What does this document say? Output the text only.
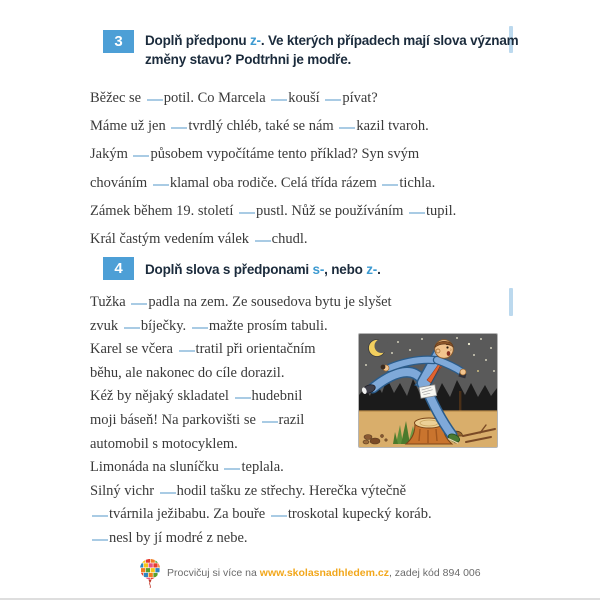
3	Doplň předponu z-. Ve kterých případech mají slova význam
změny stavu? Podtrhni je modře.
Běžec se potil. Co Marcela kouší pívat?
Máme už jen tvrdlý chléb, také se nám kazil tvaroh.
Jakým působem vypočítáme tento příklad? Syn svým
chováním klamal oba rodiče. Celá třída rázem tichla.
Zámek během 19. století pustl. Nůž se používáním tupil.
Král častým vedením válek chudl.
4	Doplň slova s předponami s-, nebo z-.
Tužka padla na zem. Ze sousedova bytu je slyšet
zvuk bíječky. mažte prosím tabuli.
Karel se včera tratil při orientačním
běhu, ale nakonec do cíle dorazil.
Kéž by nějaký skladatel hudebnil
moji báseň! Na parkovišti se razil
automobil s motocyklem.
Limonáda na sluníčku teplala.
Silný vichr hodil tašku ze střechy. Herečka výtečně
tvárnila ježibabu. Za bouře troskotal kupecký koráb.
nesl by jí modré z nebe.
Procvičuj si více na www.skolasnadhledem.cz, zadej kód 894 006
